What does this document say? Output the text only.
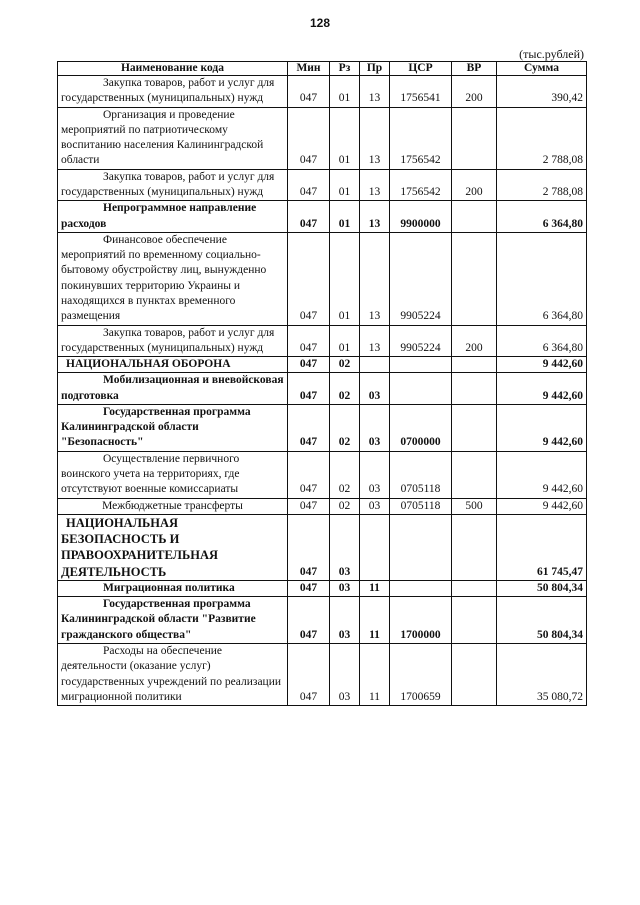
128
(тыс.рублей)
Наименование кода	Мин	Рз	Пр	ЦСР	ВР	Сумма
Закупка товаров, работ и услуг для государственных (муниципальных) нужд	047	01	13	1756541	200	390,42
Организация и проведение мероприятий по патриотическому воспитанию населения Калининградской области	047	01	13	1756542		2 788,08
Закупка товаров, работ и услуг для государственных (муниципальных) нужд	047	01	13	1756542	200	2 788,08
Непрограммное направление расходов	047	01	13	9900000		6 364,80
Финансовое обеспечение мероприятий по временному социально-бытовому обустройству лиц, вынужденно покинувших территорию Украины и находящихся в пунктах временного размещения	047	01	13	9905224		6 364,80
Закупка товаров, работ и услуг для государственных (муниципальных) нужд	047	01	13	9905224	200	6 364,80
НАЦИОНАЛЬНАЯ ОБОРОНА	047	02				9 442,60
Мобилизационная и вневойсковая подготовка	047	02	03			9 442,60
Государственная программа Калининградской области "Безопасность"	047	02	03	0700000		9 442,60
Осуществление первичного воинского учета на территориях, где отсутствуют военные комиссариаты	047	02	03	0705118		9 442,60
Межбюджетные трансферты	047	02	03	0705118	500	9 442,60
НАЦИОНАЛЬНАЯ БЕЗОПАСНОСТЬ И ПРАВООХРАНИТЕЛЬНАЯ ДЕЯТЕЛЬНОСТЬ	047	03				61 745,47
Миграционная политика	047	03	11			50 804,34
Государственная программа Калининградской области "Развитие гражданского общества"	047	03	11	1700000		50 804,34
Расходы на обеспечение деятельности (оказание услуг) государственных учреждений по реализации миграционной политики	047	03	11	1700659		35 080,72
